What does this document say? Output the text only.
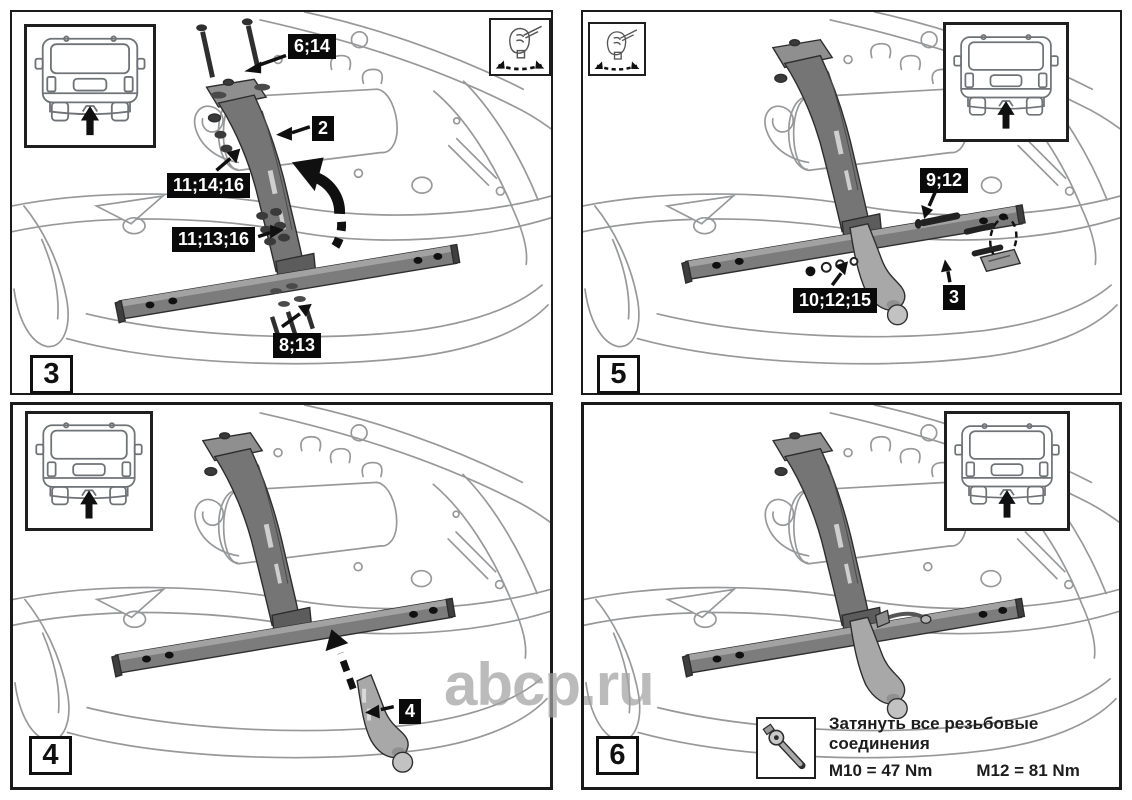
6;14
2
11;14;16
11;13;16
8;13
3
9;12
10;12;15	3
5
4
4
Затянуть все резьбовые соединения
M10 = 47 Nm	M12 = 81 Nm
6
abcp.ru
